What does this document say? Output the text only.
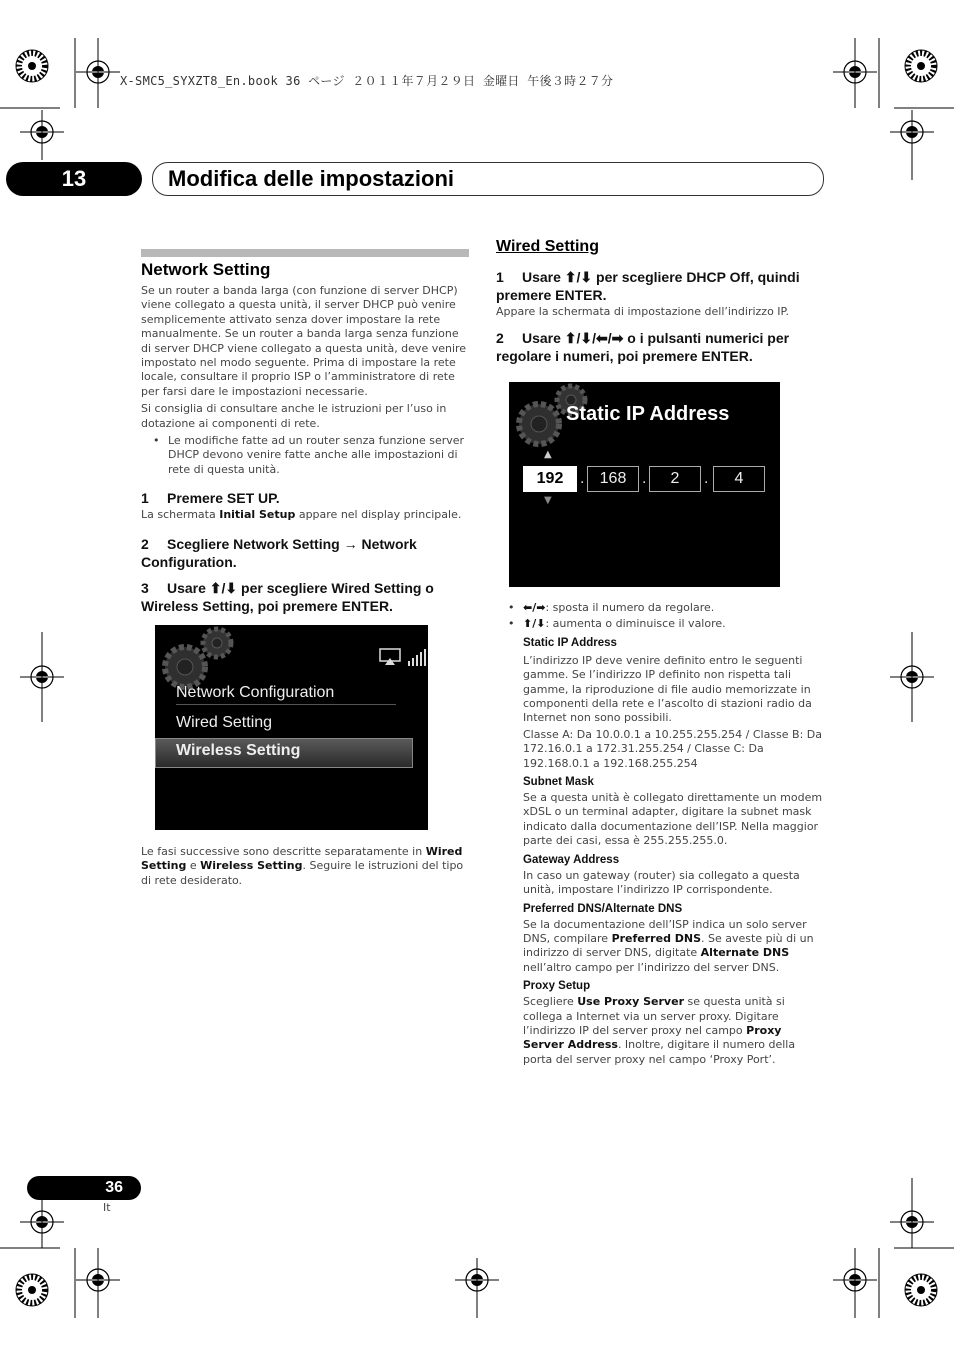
X-SMC5_SYXZT8_En.book 36 ページ ２０１１年７月２９日 金曜日 午後３時２７分
13	Modifica delle impostazioni
Network Setting

Se un router a banda larga (con funzione di server DHCP) viene collegato a questa unità, il server DHCP può venire semplicemente attivato senza dover impostare la rete manualmente. Se un router a banda larga senza funzione di server DHCP viene collegato a questa unità, deve venire impostato nel modo seguente. Prima di impostare la rete locale, consultare il proprio ISP o l’amministratore di rete per farsi dare le impostazioni necessarie.

Si consiglia di consultare anche le istruzioni per l’uso in dotazione ai componenti di rete.

• Le modifiche fatte ad un router senza funzione server DHCP devono venire fatte anche alle impostazioni di rete di questa unità.

1 Premere SET UP.

La schermata Initial Setup appare nel display principale.

2 Scegliere Network Setting → Network Configuration.

3 Usare ⬆/⬇ per scegliere Wired Setting o Wireless Setting, poi premere ENTER.

Network Configuration
Wired Setting
Wireless Setting

Le fasi successive sono descritte separatamente in Wired Setting e Wireless Setting. Seguire le istruzioni del tipo di rete desiderato.

Wired Setting

1 Usare ⬆/⬇ per scegliere DHCP Off, quindi premere ENTER.

Appare la schermata di impostazione dell’indirizzo IP.

2 Usare ⬆/⬇/⬅/➡ o i pulsanti numerici per regolare i numeri, poi premere ENTER.

Static IP Address
▲
192	. 168 .	2	.	4
▼
• ⬅/➡: sposta il numero da regolare.
• ⬆/⬇: aumenta o diminuisce il valore.

Static IP Address

L’indirizzo IP deve venire definito entro le seguenti gamme. Se l’indirizzo IP definito non rispetta tali gamme, la riproduzione di file audio memorizzate in componenti della rete e l’ascolto di stazioni radio da Internet non sono possibili.

Classe A: Da 10.0.0.1 a 10.255.255.254 / Classe B: Da 172.16.0.1 a 172.31.255.254 / Classe C: Da 192.168.0.1 a 192.168.255.254

Subnet Mask

Se a questa unità è collegato direttamente un modem xDSL o un terminal adapter, digitare la subnet mask indicato dalla documentazione dell’ISP. Nella maggior parte dei casi, essa è 255.255.255.0.

Gateway Address

In caso un gateway (router) sia collegato a questa unità, impostare l’indirizzo IP corrispondente.

Preferred DNS/Alternate DNS

Se la documentazione dell’ISP indica un solo server DNS, compilare Preferred DNS. Se aveste più di un indirizzo di server DNS, digitate Alternate DNS nell’altro campo per l’indirizzo del server DNS.

Proxy Setup

Scegliere Use Proxy Server se questa unità si collega a Internet via un server proxy. Digitare l’indirizzo IP del server proxy nel campo Proxy Server Address. Inoltre, digitare il numero della porta del server proxy nel campo ‘Proxy Port’.

36
It
